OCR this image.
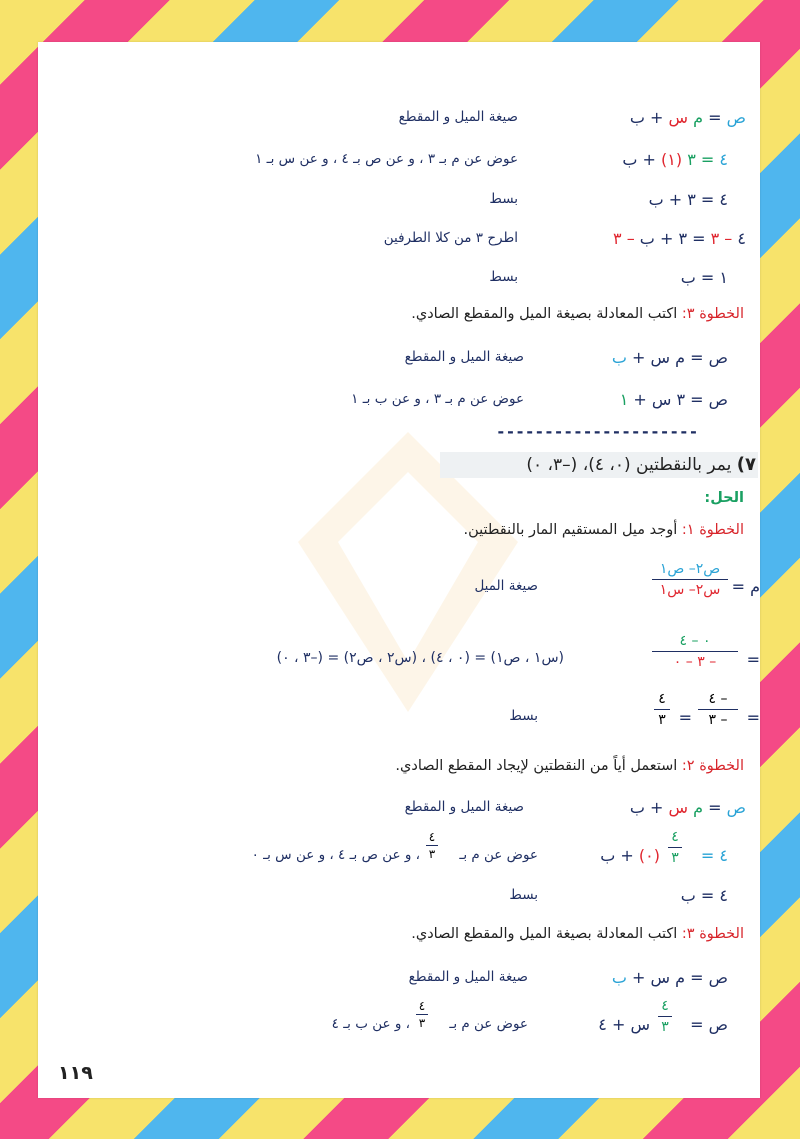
ص = م س + ب
صيغة الميل و المقطع
٤ = ٣ (١) + ب
عوض عن م بـ ٣ ، و عن ص بـ ٤ ، و عن س بـ ١
٤ = ٣ + ب
بسط
٤ – ٣ = ٣ + ب – ٣
اطرح ٣ من كلا الطرفين
١ = ب
بسط
الخطوة ٣: اكتب المعادلة بصيغة الميل والمقطع الصادي.
ص = م س + ب
صيغة الميل و المقطع
ص = ٣ س + ١
عوض عن م بـ ٣ ، و عن ب بـ ١
---------------------
٧) يمر بالنقطتين (٠، ٤)، (–٣، ٠)
الحل:
الخطوة ١: أوجد ميل المستقيم المار بالنقطتين.
م =
ص٢– ص١
س٢– س١
صيغة الميل
=
٠ – ٤
– ٣ – ٠
(س١ ، ص١) = (٠ ، ٤) ، (س٢ ، ص٢) = (–٣ ، ٠)
=
– ٤
– ٣
=
٤
٣
بسط
الخطوة ٢: استعمل أياً من النقطتين لإيجاد المقطع الصادي.
ص = م س + ب
صيغة الميل و المقطع
٤ =
٤
٣
(٠) + ب
عوض عن م بـ
٤
٣
، و عن ص بـ ٤ ، و عن س بـ ٠
٤ = ب
بسط
الخطوة ٣: اكتب المعادلة بصيغة الميل والمقطع الصادي.
ص = م س + ب
صيغة الميل و المقطع
ص =
٤
٣
س + ٤
عوض عن م بـ
٤
٣
، و عن ب بـ ٤
١١٩
